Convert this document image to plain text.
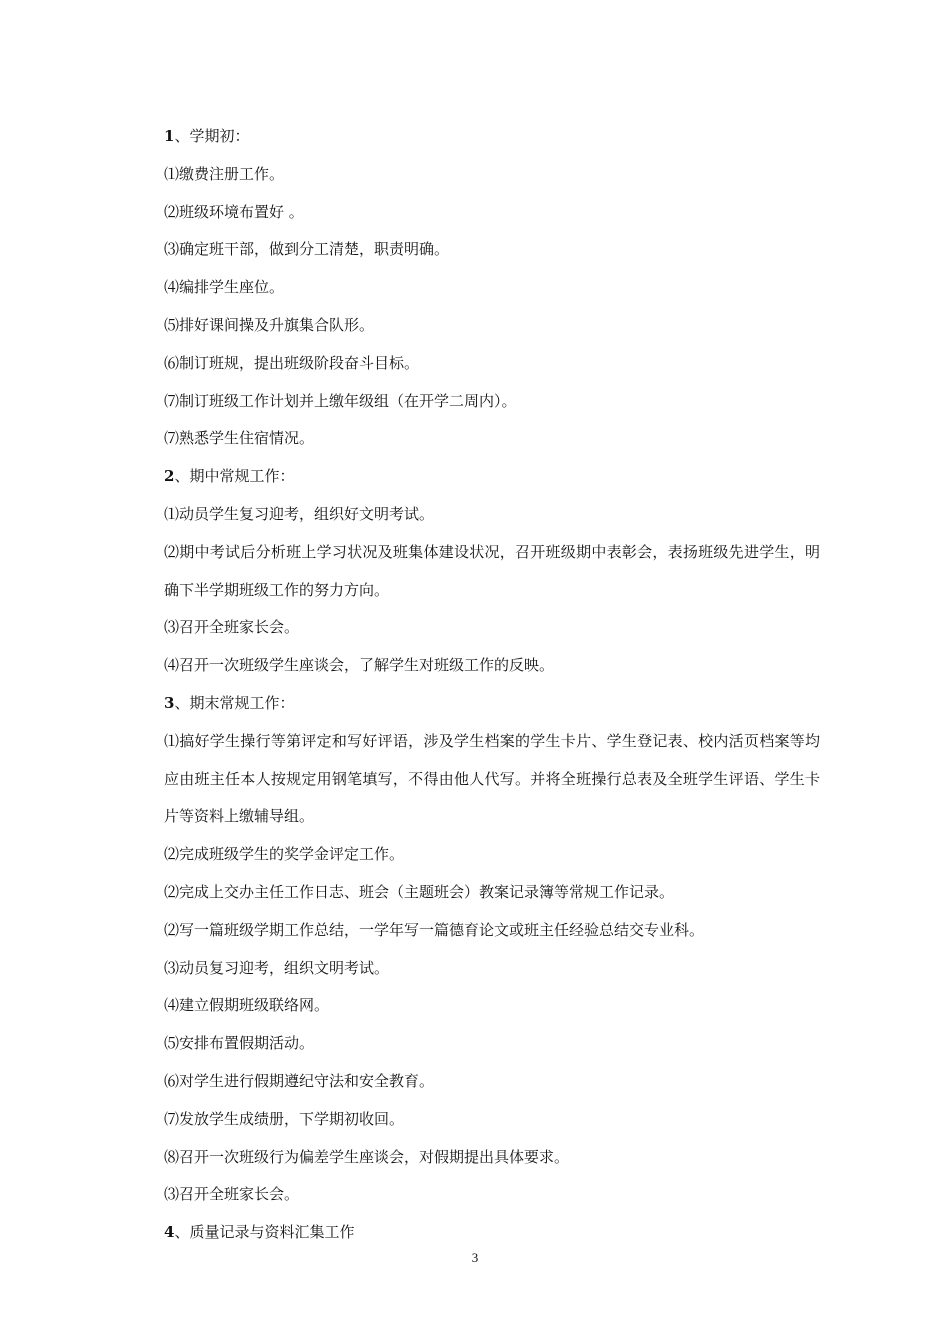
1、学期初：

⑴缴费注册工作。

⑵班级环境布置好 。

⑶确定班干部，做到分工清楚，职责明确。

⑷编排学生座位。

⑸排好课间操及升旗集合队形。

⑹制订班规，提出班级阶段奋斗目标。

⑺制订班级工作计划并上缴年级组（在开学二周内）。

⑺熟悉学生住宿情况。

2、期中常规工作：

⑴动员学生复习迎考，组织好文明考试。

⑵期中考试后分析班上学习状况及班集体建设状况，召开班级期中表彰会，表扬班级先进学生，明确下半学期班级工作的努力方向。

⑶召开全班家长会。

⑷召开一次班级学生座谈会，了解学生对班级工作的反映。

3、期末常规工作：

⑴搞好学生操行等第评定和写好评语，涉及学生档案的学生卡片、学生登记表、校内活页档案等均应由班主任本人按规定用钢笔填写，不得由他人代写。并将全班操行总表及全班学生评语、学生卡片等资料上缴辅导组。

⑵完成班级学生的奖学金评定工作。

⑵完成上交办主任工作日志、班会（主题班会）教案记录簿等常规工作记录。

⑵写一篇班级学期工作总结，一学年写一篇德育论文或班主任经验总结交专业科。

⑶动员复习迎考，组织文明考试。

⑷建立假期班级联络网。

⑸安排布置假期活动。

⑹对学生进行假期遵纪守法和安全教育。

⑺发放学生成绩册，下学期初收回。

⑻召开一次班级行为偏差学生座谈会，对假期提出具体要求。

⑶召开全班家长会。

4、质量记录与资料汇集工作

3
